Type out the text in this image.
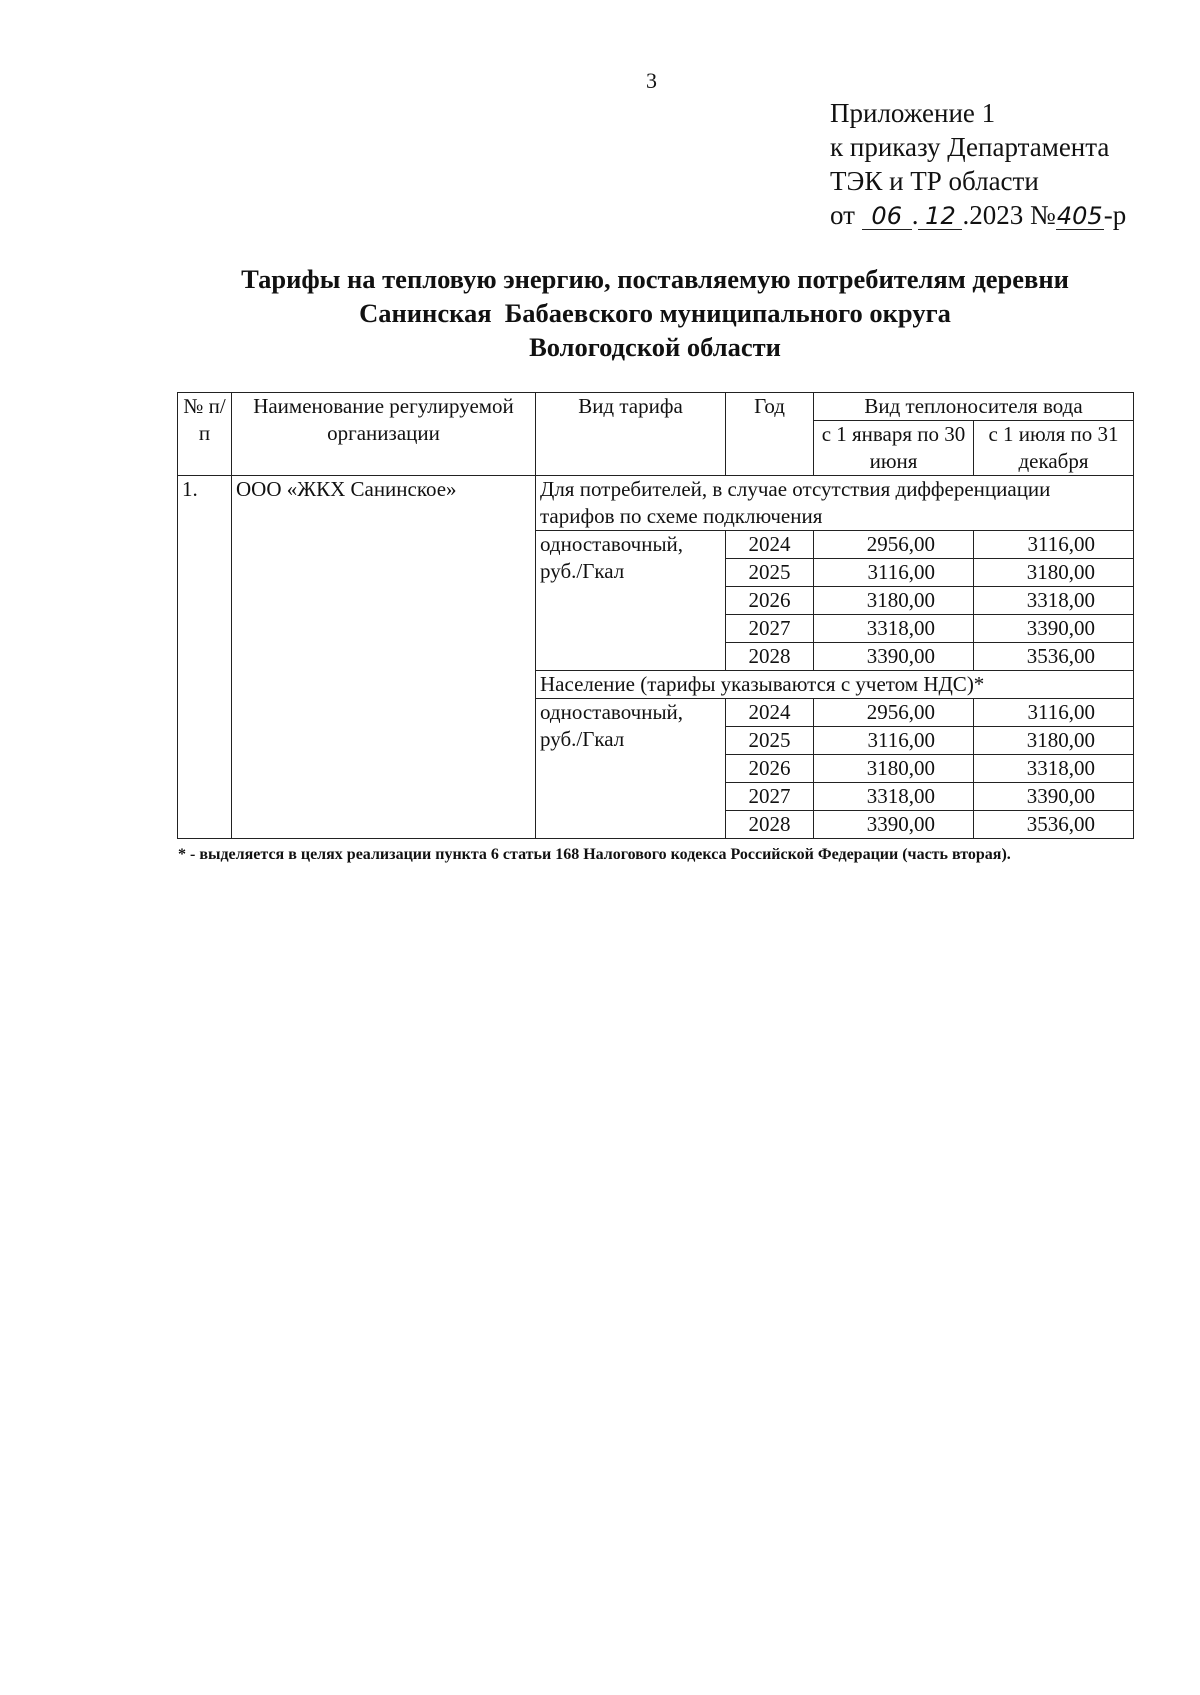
3
Приложение 1
к приказу Департамента
ТЭК и ТР области
от 06 . 12 .2023 №405-р
Тарифы на тепловую энергию, поставляемую потребителям деревни
Санинская  Бабаевского муниципального округа
Вологодской области
№ п/п	Наименование регулируемой организации	Вид тарифа	Год	Вид теплоносителя вода	
				с 1 января по 30 июня	с 1 июля по 31 декабря
1.	ООО «ЖКХ Санинское»	Для потребителей, в случае отсутствия дифференциации тарифов по схеме подключения			
		одноставочный, руб./Гкал	2024	2956,00	3116,00
			2025	3116,00	3180,00
			2026	3180,00	3318,00
			2027	3318,00	3390,00
			2028	3390,00	3536,00
		Население (тарифы указываются с учетом НДС)*			
		одноставочный, руб./Гкал	2024	2956,00	3116,00
			2025	3116,00	3180,00
			2026	3180,00	3318,00
			2027	3318,00	3390,00
			2028	3390,00	3536,00
* - выделяется в целях реализации пункта 6 статьи 168 Налогового кодекса Российской Федерации (часть вторая).
